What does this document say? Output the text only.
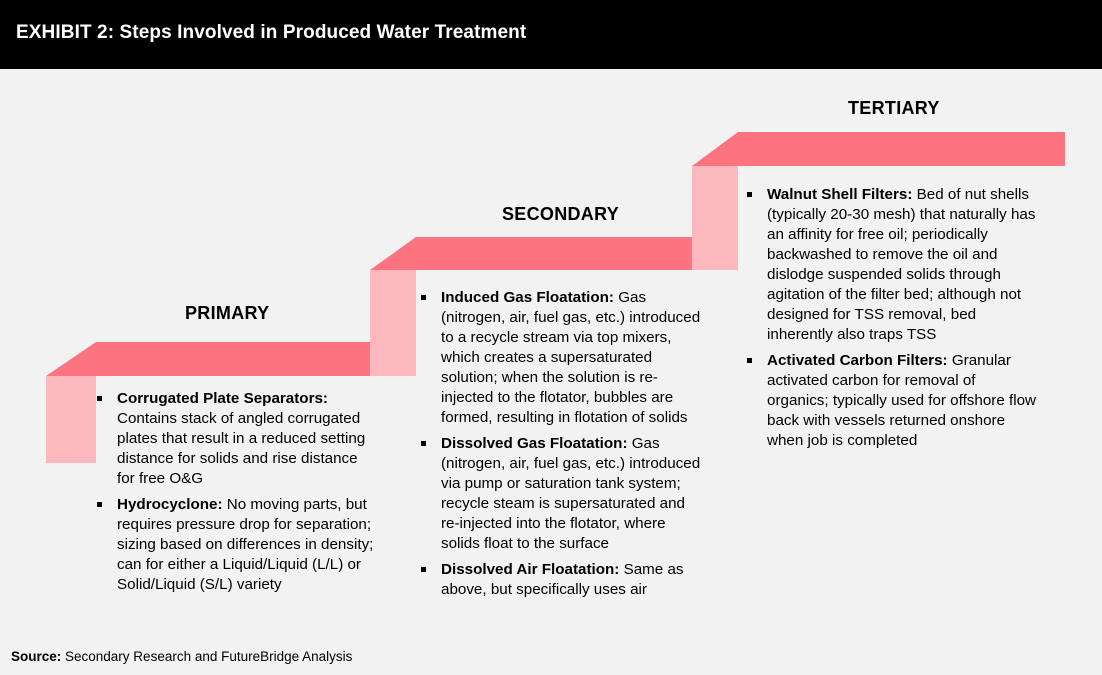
EXHIBIT 2: Steps Involved in Produced Water Treatment
PRIMARY
Corrugated Plate Separators: Contains stack of angled corrugated plates that result in a reduced setting distance for solids and rise distance for free O&G
Hydrocyclone: No moving parts, but requires pressure drop for separation; sizing based on differences in density; can for either a Liquid/Liquid (L/L) or Solid/Liquid (S/L) variety
SECONDARY
Induced Gas Floatation: Gas (nitrogen, air, fuel gas, etc.) introduced to a recycle stream via top mixers, which creates a supersaturated solution; when the solution is re-injected to the flotator, bubbles are formed, resulting in flotation of solids
Dissolved Gas Floatation: Gas (nitrogen, air, fuel gas, etc.) introduced via pump or saturation tank system; recycle steam is supersaturated and re-injected into the flotator, where solids float to the surface
Dissolved Air Floatation: Same as above, but specifically uses air
TERTIARY
Walnut Shell Filters: Bed of nut shells (typically 20-30 mesh) that naturally has an affinity for free oil; periodically backwashed to remove the oil and dislodge suspended solids through agitation of the filter bed; although not designed for TSS removal, bed inherently also traps TSS
Activated Carbon Filters: Granular activated carbon for removal of organics; typically used for offshore flow back with vessels returned onshore when job is completed
Source: Secondary Research and FutureBridge Analysis
